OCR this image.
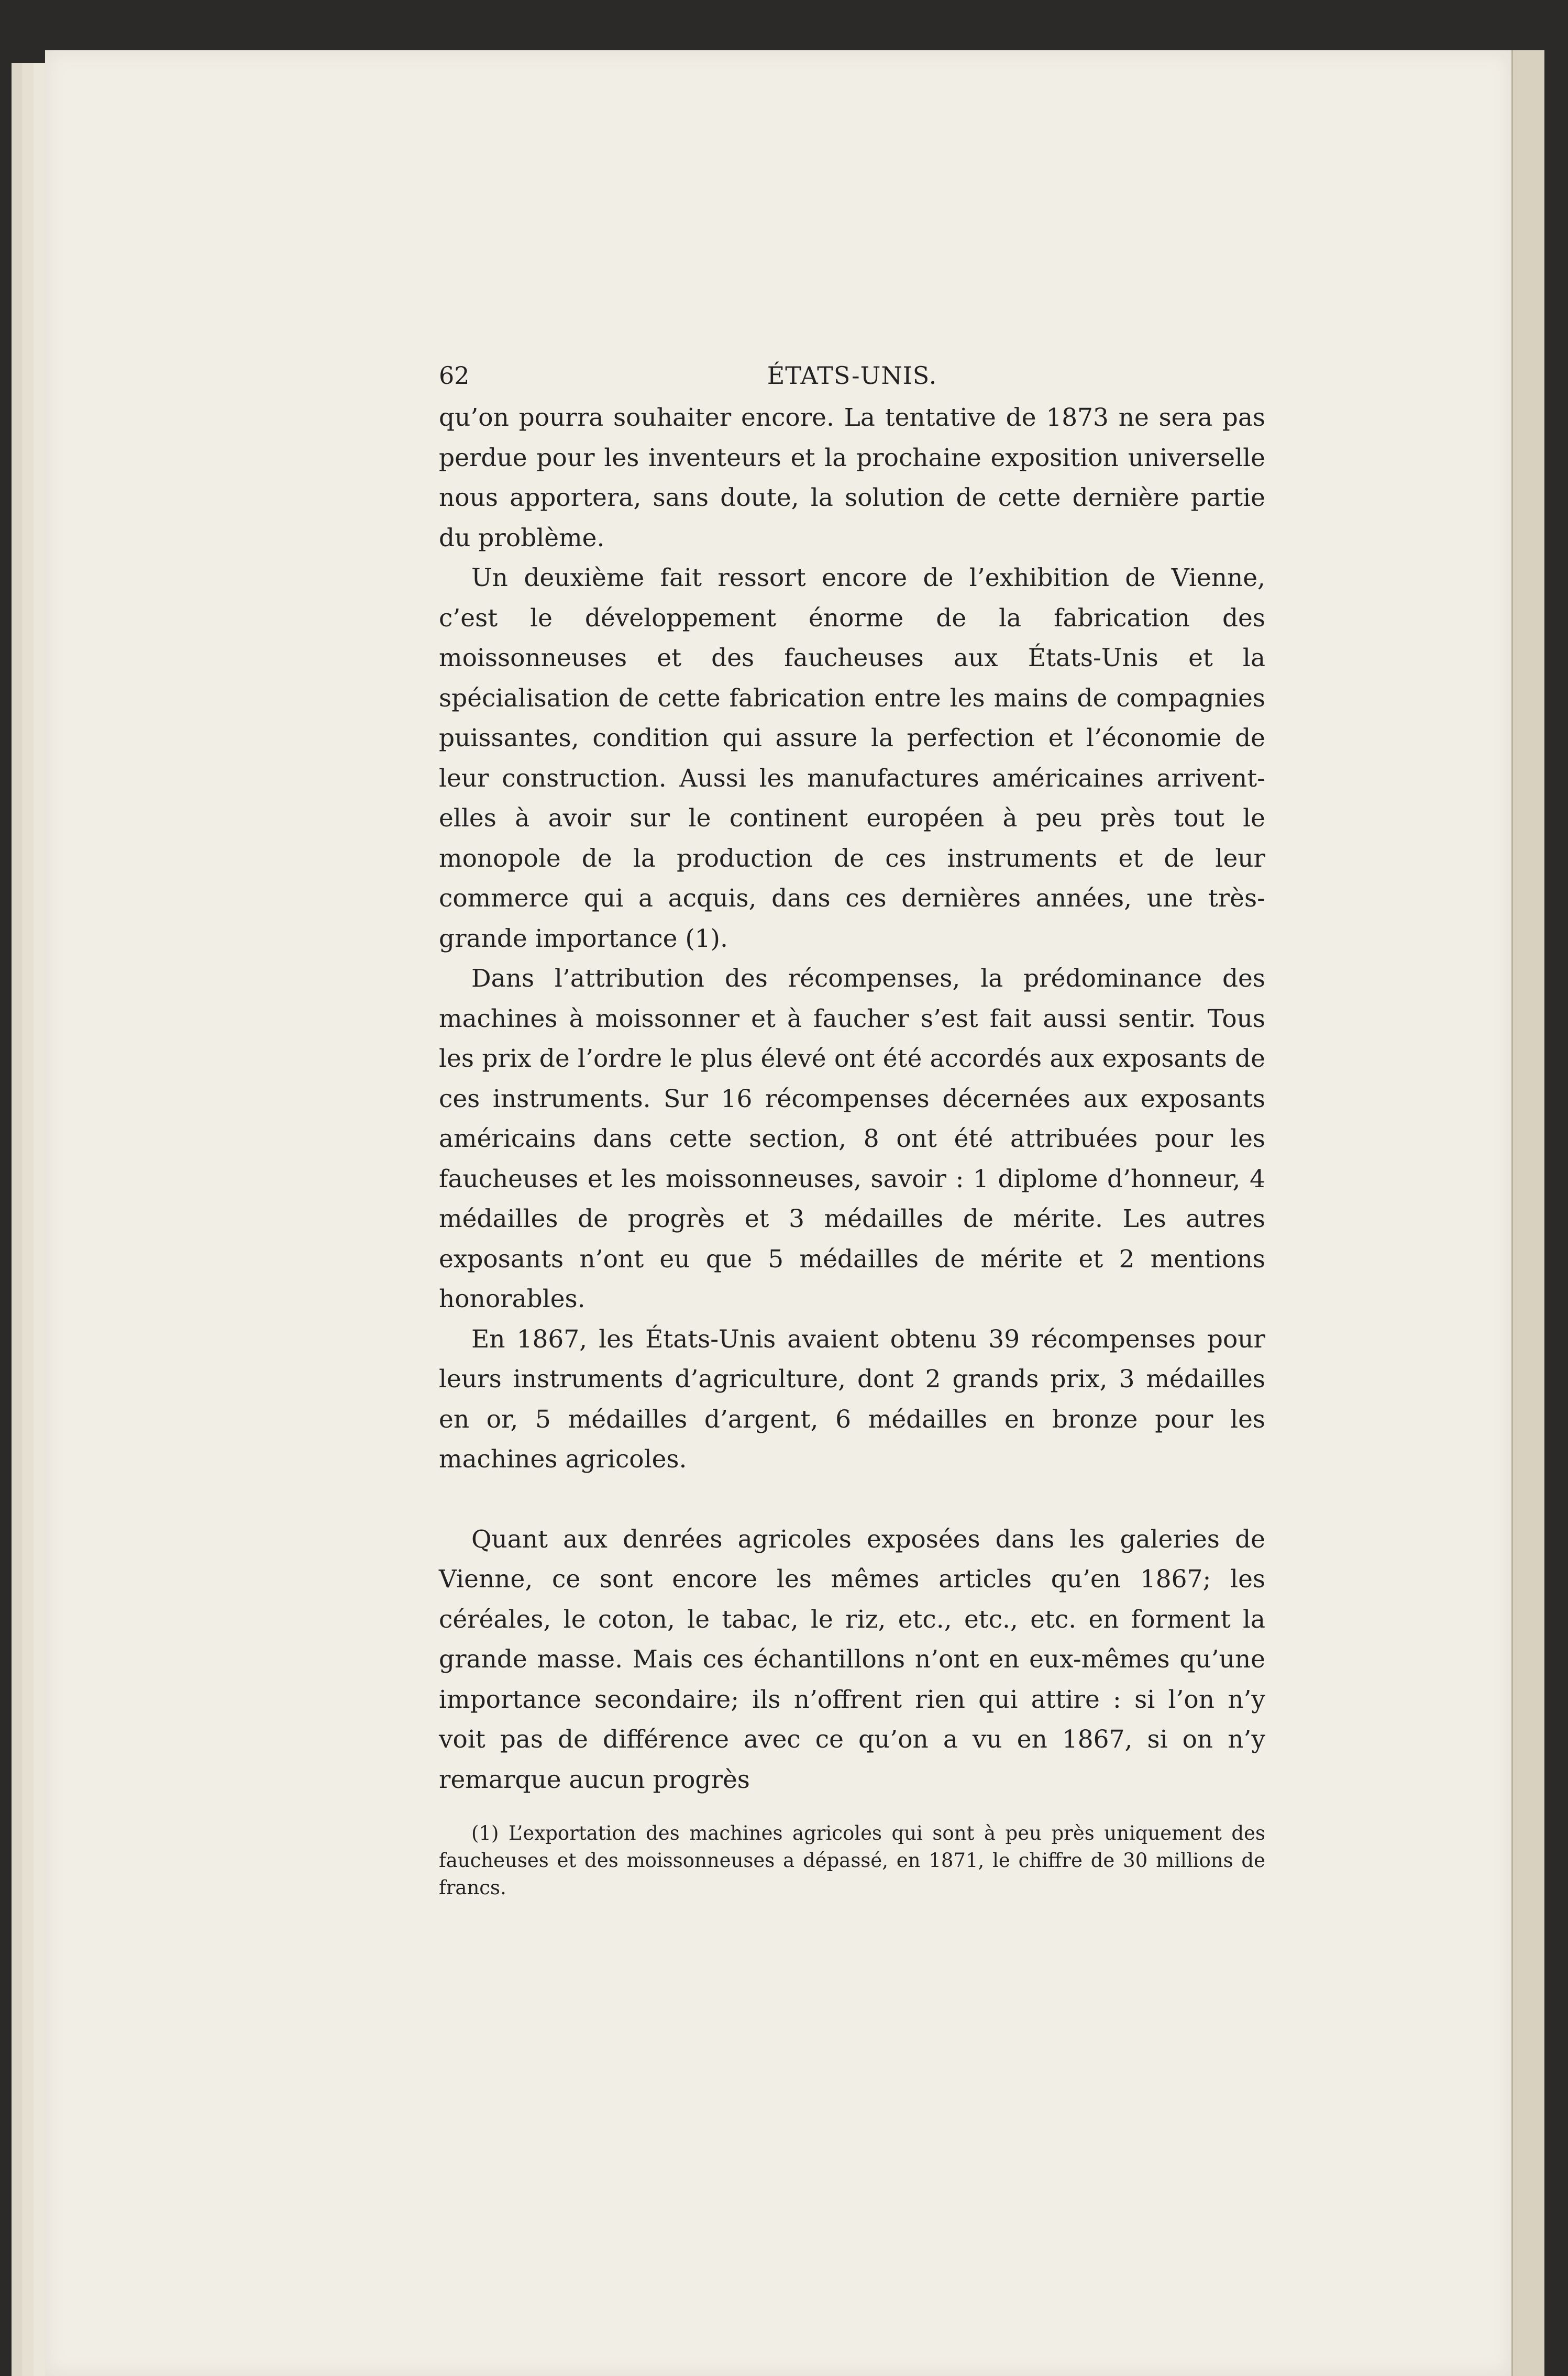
62	ÉTATS-UNIS.

qu’on pourra souhaiter encore. La tentative de 1873 ne sera pas perdue pour les inventeurs et la prochaine exposition universelle nous apportera, sans doute, la solution de cette dernière partie du problème.

Un deuxième fait ressort encore de l’exhibition de Vienne, c’est le développement énorme de la fabrication des moissonneuses et des faucheuses aux États-Unis et la spécialisation de cette fabrication entre les mains de compagnies puissantes, condition qui assure la perfection et l’économie de leur construction. Aussi les manufactures américaines arrivent-elles à avoir sur le continent européen à peu près tout le monopole de la production de ces instruments et de leur commerce qui a acquis, dans ces dernières années, une très-grande importance (1).

Dans l’attribution des récompenses, la prédominance des machines à moissonner et à faucher s’est fait aussi sentir. Tous les prix de l’ordre le plus élevé ont été accordés aux exposants de ces instruments. Sur 16 récompenses décernées aux exposants américains dans cette section, 8 ont été attribuées pour les faucheuses et les moissonneuses, savoir : 1 diplome d’honneur, 4 médailles de progrès et 3 médailles de mérite. Les autres exposants n’ont eu que 5 médailles de mérite et 2 mentions honorables.

En 1867, les États-Unis avaient obtenu 39 récompenses pour leurs instruments d’agriculture, dont 2 grands prix, 3 médailles en or, 5 médailles d’argent, 6 médailles en bronze pour les machines agricoles.

Quant aux denrées agricoles exposées dans les galeries de Vienne, ce sont encore les mêmes articles qu’en 1867; les céréales, le coton, le tabac, le riz, etc., etc., etc. en forment la grande masse. Mais ces échantillons n’ont en eux-mêmes qu’une importance secondaire; ils n’offrent rien qui attire : si l’on n’y voit pas de différence avec ce qu’on a vu en 1867, si on n’y remarque aucun progrès

(1) L’exportation des machines agricoles qui sont à peu près uniquement des faucheuses et des moissonneuses a dépassé, en 1871, le chiffre de 30 millions de francs.
